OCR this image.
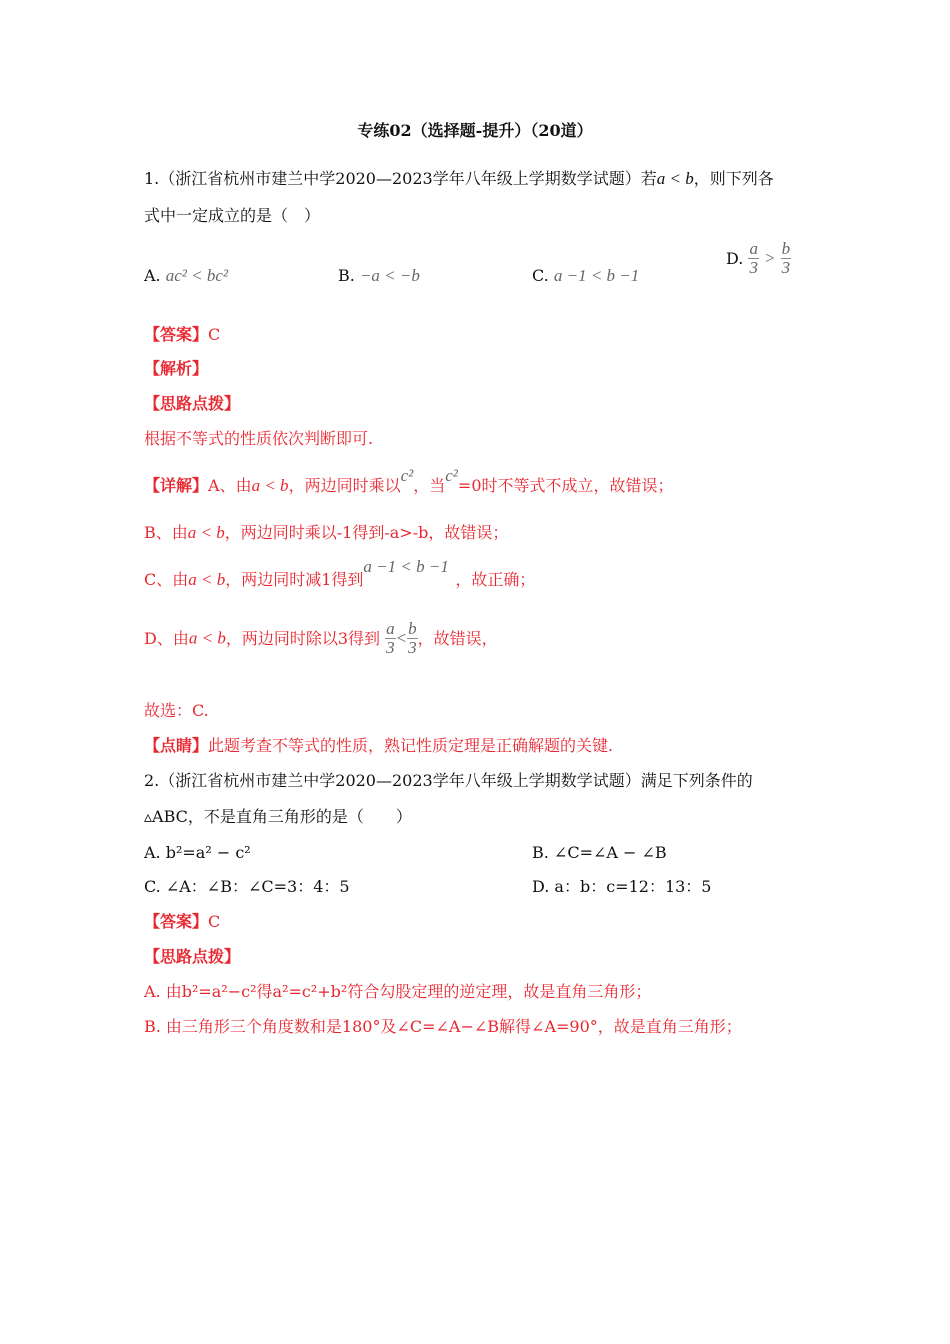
专练02（选择题-提升）（20道）
1.（浙江省杭州市建兰中学2020—2023学年八年级上学期数学试题）若a < b，则下列各
式中一定成立的是（　）
A. ac² < bc²	B. −a < −b	C. a −1 < b −1
D. $\frac{a}{3} > \frac{b}{3}$
【答案】C
【解析】
【思路点拨】
根据不等式的性质依次判断即可.
【详解】A、由a < b，两边同时乘以c²，当c²=0时不等式不成立，故错误；
B、由a < b，两边同时乘以-1得到-a>-b，故错误；
C、由a < b，两边同时减1得到a −1 < b −1，故正确；
D、由a < b，两边同时除以3得到 $\frac{a}{3} < \frac{b}{3}$ ，故错误，
故选：C.
【点睛】此题考查不等式的性质，熟记性质定理是正确解题的关键.
2.（浙江省杭州市建兰中学2020—2023学年八年级上学期数学试题）满足下列条件的
▵ABC，不是直角三角形的是（　　）
A. b²=a² − c²	B. ∠C=∠A − ∠B
C. ∠A：∠B：∠C=3：4：5	D. a：b：c=12：13：5
【答案】C
【思路点拨】
A. 由b²=a²−c²得a²=c²+b²符合勾股定理的逆定理，故是直角三角形；
B. 由三角形三个角度数和是180°及∠C=∠A−∠B解得∠A=90°，故是直角三角形；
